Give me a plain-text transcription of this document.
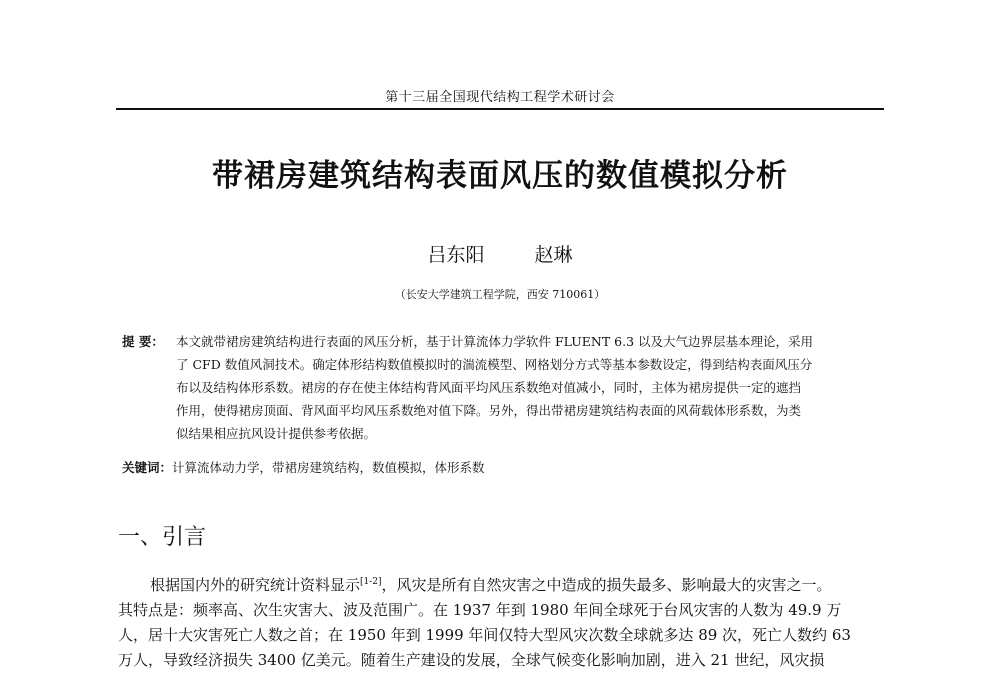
第十三届全国现代结构工程学术研讨会
带裙房建筑结构表面风压的数值模拟分析
吕东阳	赵琳
（长安大学建筑工程学院，西安 710061）
提 要： 本文就带裙房建筑结构进行表面的风压分析，基于计算流体力学软件 FLUENT 6.3 以及大气边界层基本理论，采用
了 CFD 数值风洞技术。确定体形结构数值模拟时的湍流模型、网格划分方式等基本参数设定，得到结构表面风压分
布以及结构体形系数。裙房的存在使主体结构背风面平均风压系数绝对值减小，同时，主体为裙房提供一定的遮挡
作用，使得裙房顶面、背风面平均风压系数绝对值下降。另外，得出带裙房建筑结构表面的风荷载体形系数，为类
似结果相应抗风设计提供参考依据。
关键词：计算流体动力学，带裙房建筑结构，数值模拟，体形系数
一、引言
根据国内外的研究统计资料显示[1-2]，风灾是所有自然灾害之中造成的损失最多、影响最大的灾害之一。
其特点是：频率高、次生灾害大、波及范围广。在 1937 年到 1980 年间全球死于台风灾害的人数为 49.9 万
人，居十大灾害死亡人数之首；在 1950 年到 1999 年间仅特大型风灾次数全球就多达 89 次，死亡人数约 63
万人，导致经济损失 3400 亿美元。随着生产建设的发展，全球气候变化影响加剧，进入 21 世纪，风灾损
